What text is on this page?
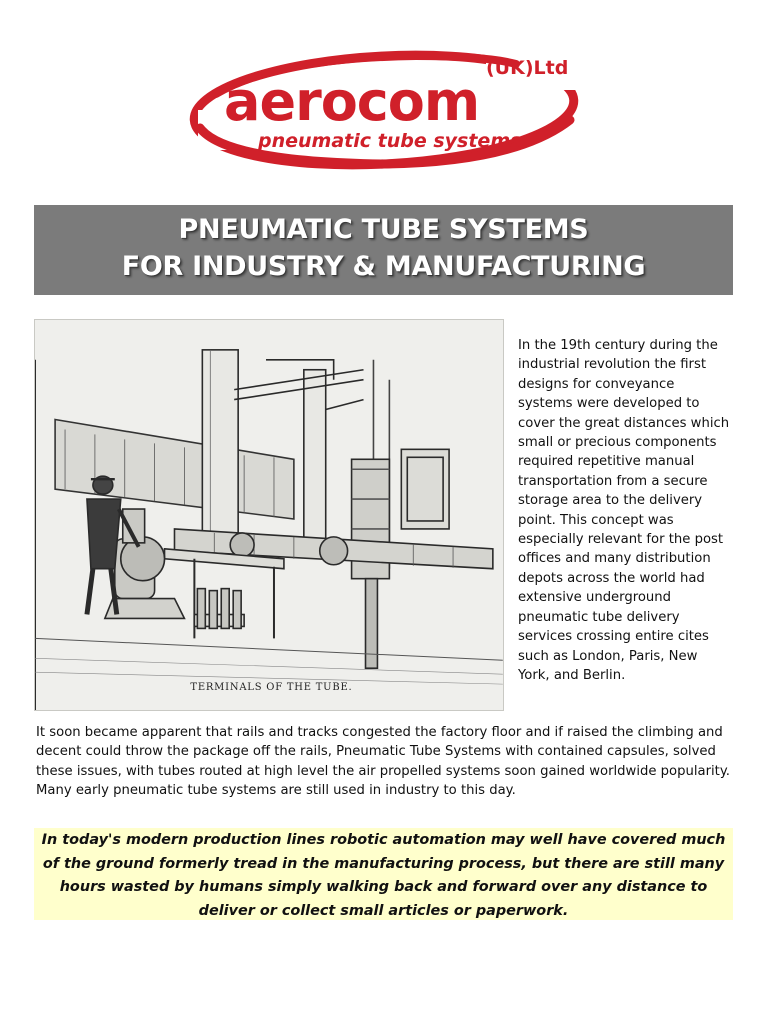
(UK)Ltd
aerocom
pneumatic tube systems
PNEUMATIC TUBE SYSTEMS
FOR INDUSTRY & MANUFACTURING
TERMINALS OF THE TUBE.

In the 19th century during the industrial revolution the first designs for conveyance systems were developed to cover the great distances which small or precious components required repetitive manual transportation from a secure storage area to the delivery point. This concept was especially relevant for the post offices and many distribution depots across the world had extensive underground pneumatic tube delivery services crossing entire cites such as London, Paris, New York, and Berlin.

It soon became apparent that rails and tracks congested the factory floor and if raised the climbing and decent could throw the package off the rails, Pneumatic Tube Systems with contained capsules, solved these issues, with tubes routed at high level the air propelled systems soon gained worldwide popularity. Many early pneumatic tube systems are still used in industry to this day.

In today's modern production lines robotic automation may well have covered much of the ground formerly tread in the manufacturing process, but there are still many hours wasted by humans simply walking back and forward over any distance to deliver or collect small articles or paperwork.
